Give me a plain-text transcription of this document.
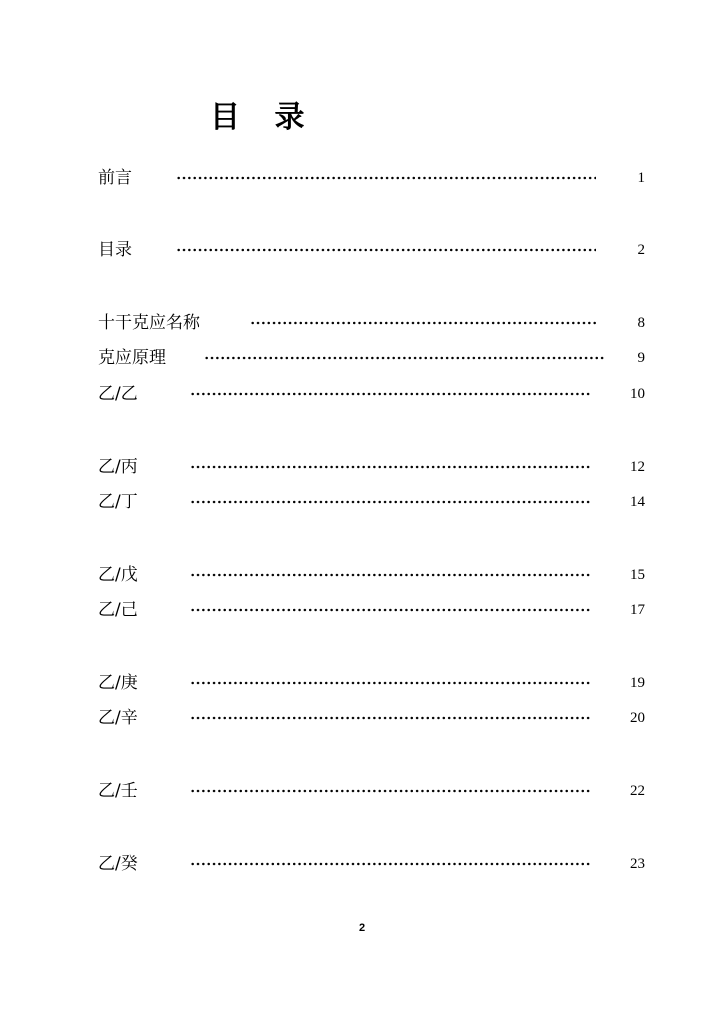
目 录
前言	1
目录	2
十干克应名称	8
克应原理	9
乙/乙	10
乙/丙	12
乙/丁	14
乙/戊	15
乙/己	17
乙/庚	19
乙/辛	20
乙/壬	22
乙/癸	23
2
